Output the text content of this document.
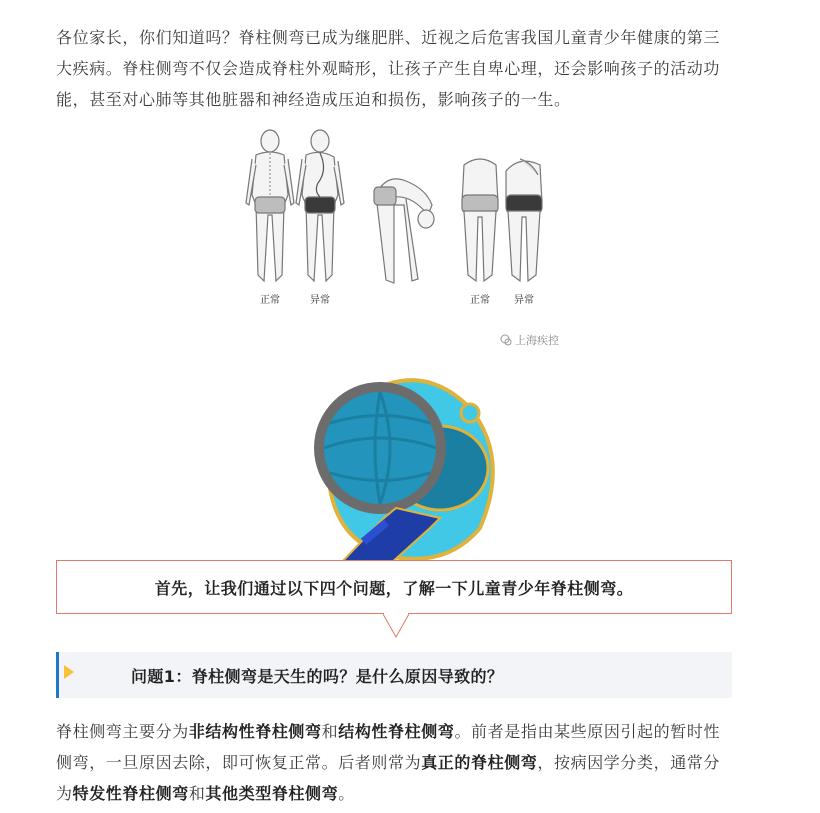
各位家长，你们知道吗？脊柱侧弯已成为继肥胖、近视之后危害我国儿童青少年健康的第三大疾病。脊柱侧弯不仅会造成脊柱外观畸形，让孩子产生自卑心理，还会影响孩子的活动功能，甚至对心肺等其他脏器和神经造成压迫和损伤，影响孩子的一生。

正常	异常	正常 异常
上海疾控
首先，让我们通过以下四个问题，了解一下儿童青少年脊柱侧弯。
问题1：脊柱侧弯是天生的吗？是什么原因导致的？

脊柱侧弯主要分为非结构性脊柱侧弯和结构性脊柱侧弯。前者是指由某些原因引起的暂时性侧弯，一旦原因去除，即可恢复正常。后者则常为真正的脊柱侧弯，按病因学分类，通常分为特发性脊柱侧弯和其他类型脊柱侧弯。
